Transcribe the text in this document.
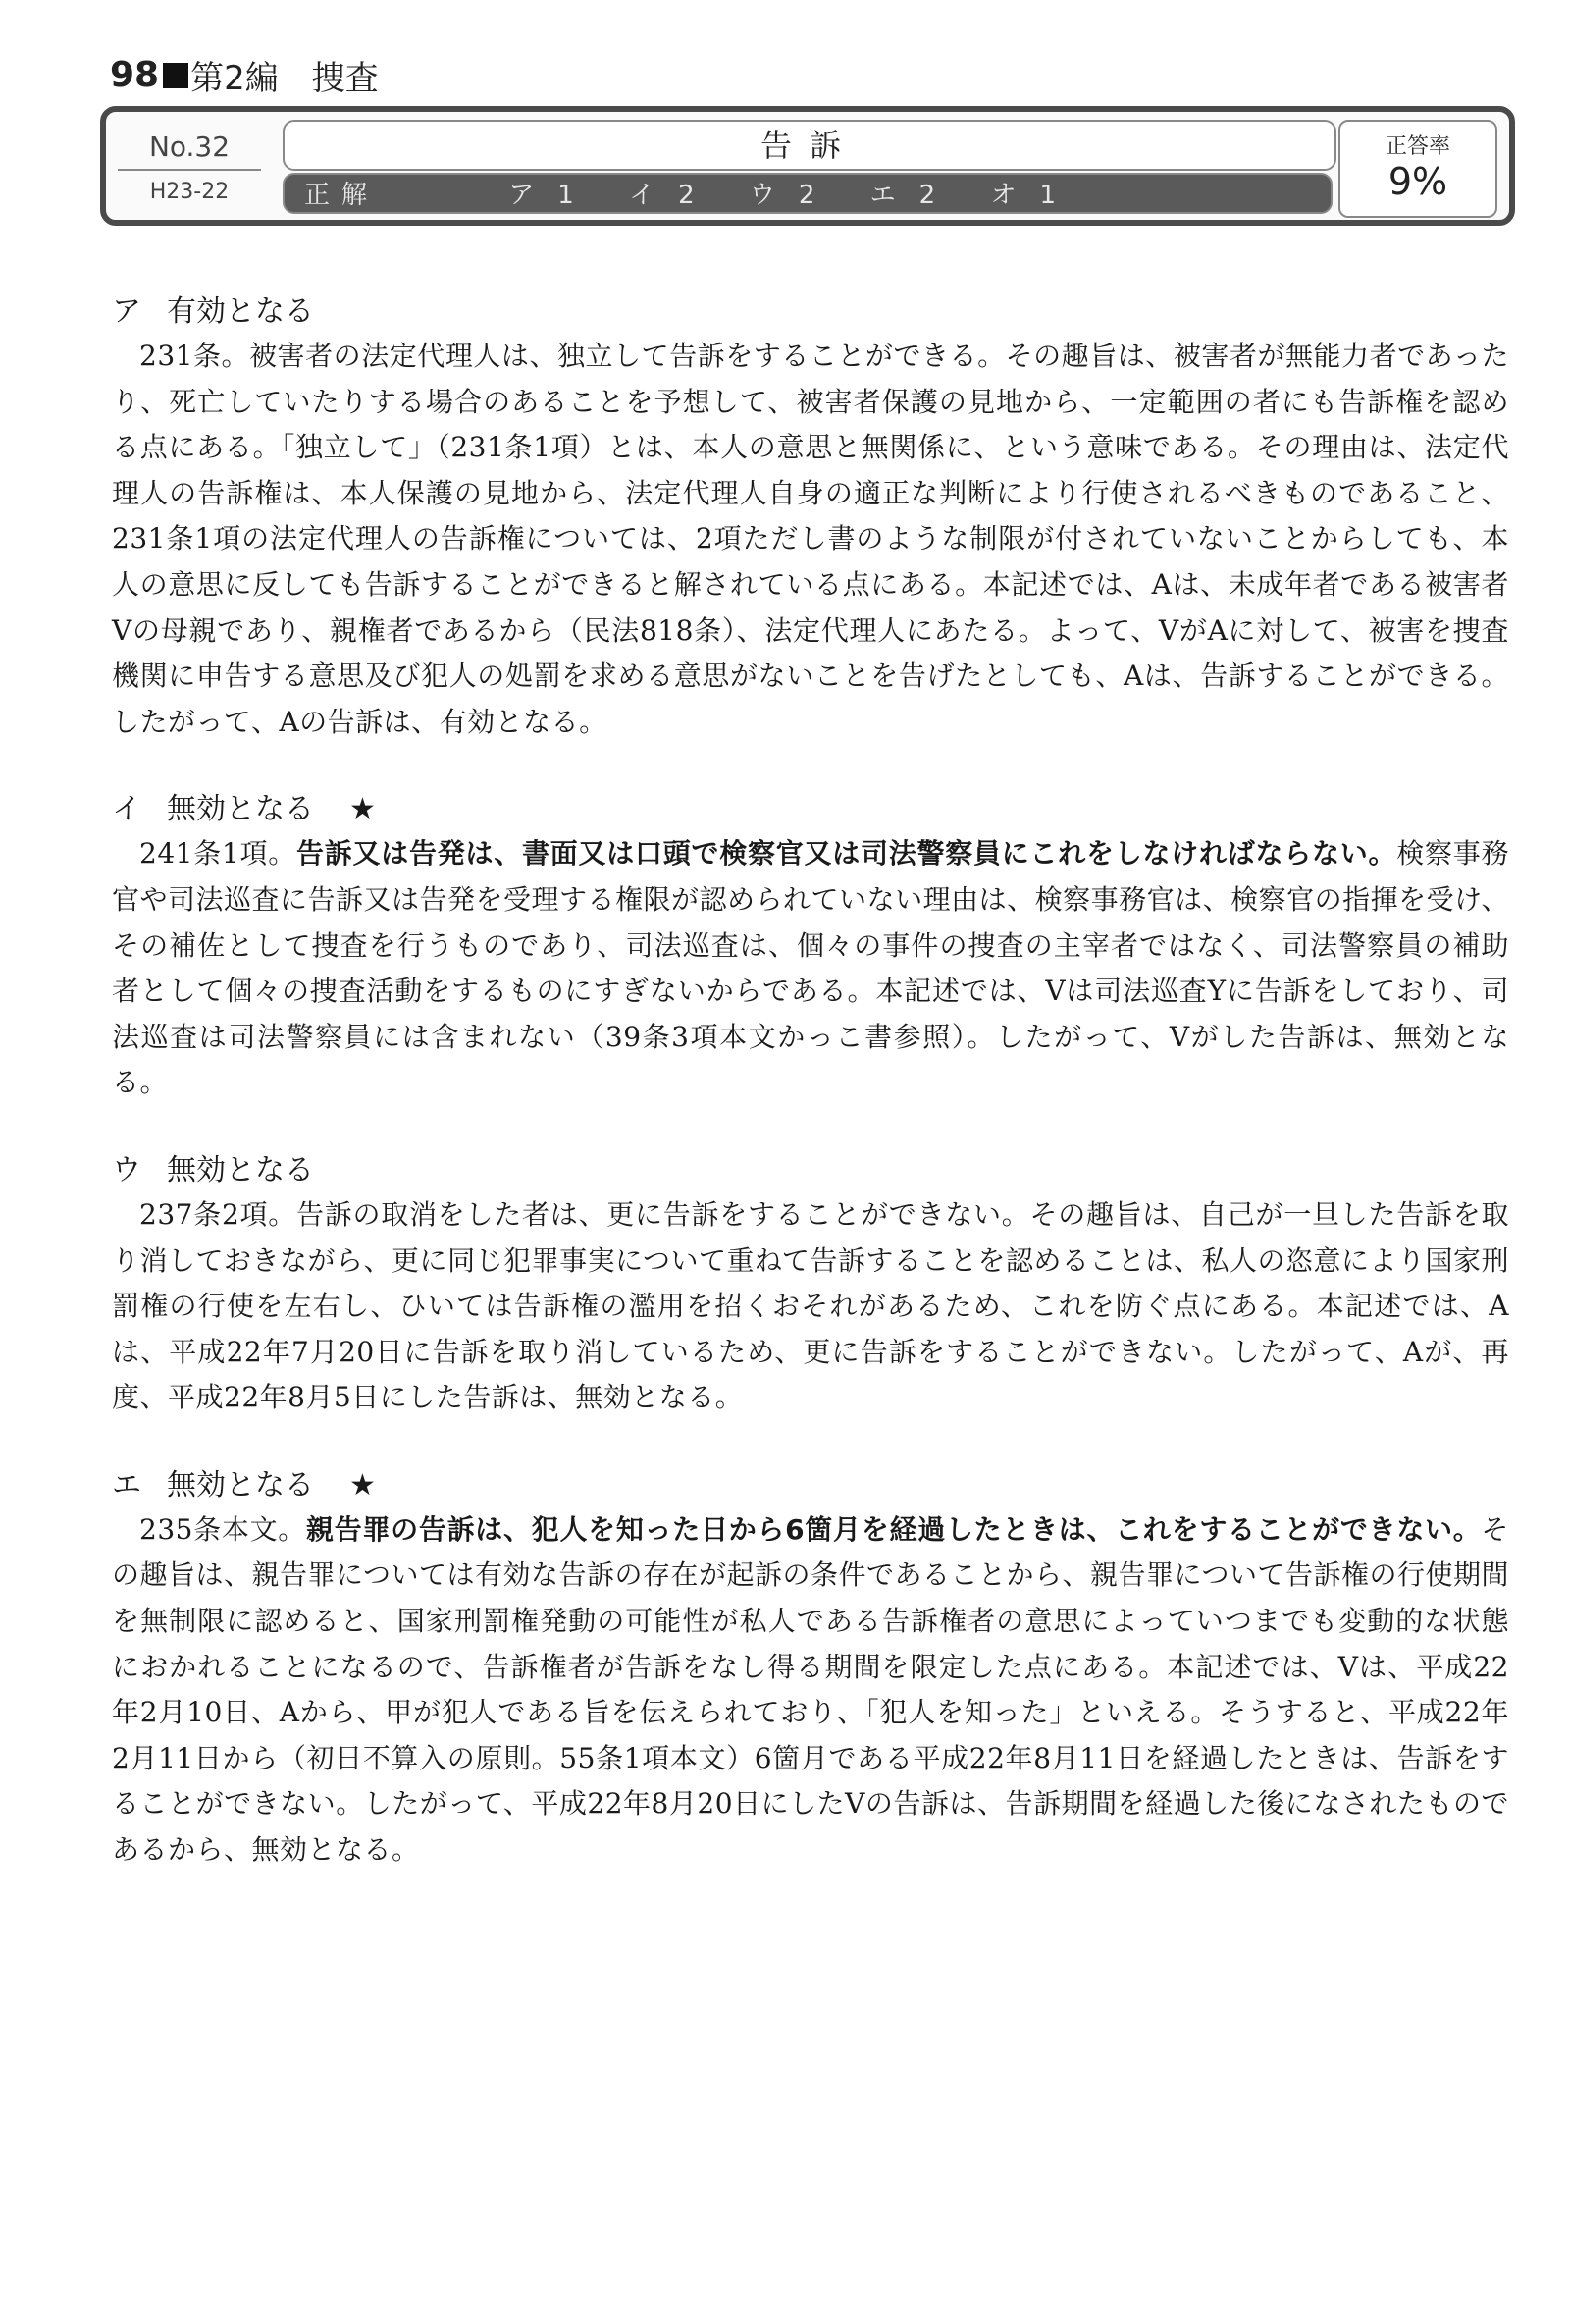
98 第2編　捜査
No.32
H23-22
告訴
正解	ア1 イ2 ウ2 エ2 オ1
正答率
9%
ア 有効となる
231条。被害者の法定代理人は、独立して告訴をすることができる。その趣旨は、被害者が無能力者であったり、死亡していたりする場合のあることを予想して、被害者保護の見地から、一定範囲の者にも告訴権を認める点にある。「独立して」（231条1項）とは、本人の意思と無関係に、という意味である。その理由は、法定代理人の告訴権は、本人保護の見地から、法定代理人自身の適正な判断により行使されるべきものであること、231条1項の法定代理人の告訴権については、2項ただし書のような制限が付されていないことからしても、本人の意思に反しても告訴することができると解されている点にある。本記述では、Aは、未成年者である被害者Vの母親であり、親権者であるから（民法818条）、法定代理人にあたる。よって、VがAに対して、被害を捜査機関に申告する意思及び犯人の処罰を求める意思がないことを告げたとしても、Aは、告訴することができる。したがって、Aの告訴は、有効となる。
イ 無効となる ★
241条1項。告訴又は告発は、書面又は口頭で検察官又は司法警察員にこれをしなければならない。検察事務官や司法巡査に告訴又は告発を受理する権限が認められていない理由は、検察事務官は、検察官の指揮を受け、その補佐として捜査を行うものであり、司法巡査は、個々の事件の捜査の主宰者ではなく、司法警察員の補助者として個々の捜査活動をするものにすぎないからである。本記述では、Vは司法巡査Yに告訴をしており、司法巡査は司法警察員には含まれない（39条3項本文かっこ書参照）。したがって、Vがした告訴は、無効となる。
ウ 無効となる
237条2項。告訴の取消をした者は、更に告訴をすることができない。その趣旨は、自己が一旦した告訴を取り消しておきながら、更に同じ犯罪事実について重ねて告訴することを認めることは、私人の恣意により国家刑罰権の行使を左右し、ひいては告訴権の濫用を招くおそれがあるため、これを防ぐ点にある。本記述では、Aは、平成22年7月20日に告訴を取り消しているため、更に告訴をすることができない。したがって、Aが、再度、平成22年8月5日にした告訴は、無効となる。
エ 無効となる ★
235条本文。親告罪の告訴は、犯人を知った日から6箇月を経過したときは、これをすることができない。その趣旨は、親告罪については有効な告訴の存在が起訴の条件であることから、親告罪について告訴権の行使期間を無制限に認めると、国家刑罰権発動の可能性が私人である告訴権者の意思によっていつまでも変動的な状態におかれることになるので、告訴権者が告訴をなし得る期間を限定した点にある。本記述では、Vは、平成22年2月10日、Aから、甲が犯人である旨を伝えられており、「犯人を知った」といえる。そうすると、平成22年2月11日から（初日不算入の原則。55条1項本文）6箇月である平成22年8月11日を経過したときは、告訴をすることができない。したがって、平成22年8月20日にしたVの告訴は、告訴期間を経過した後になされたものであるから、無効となる。
